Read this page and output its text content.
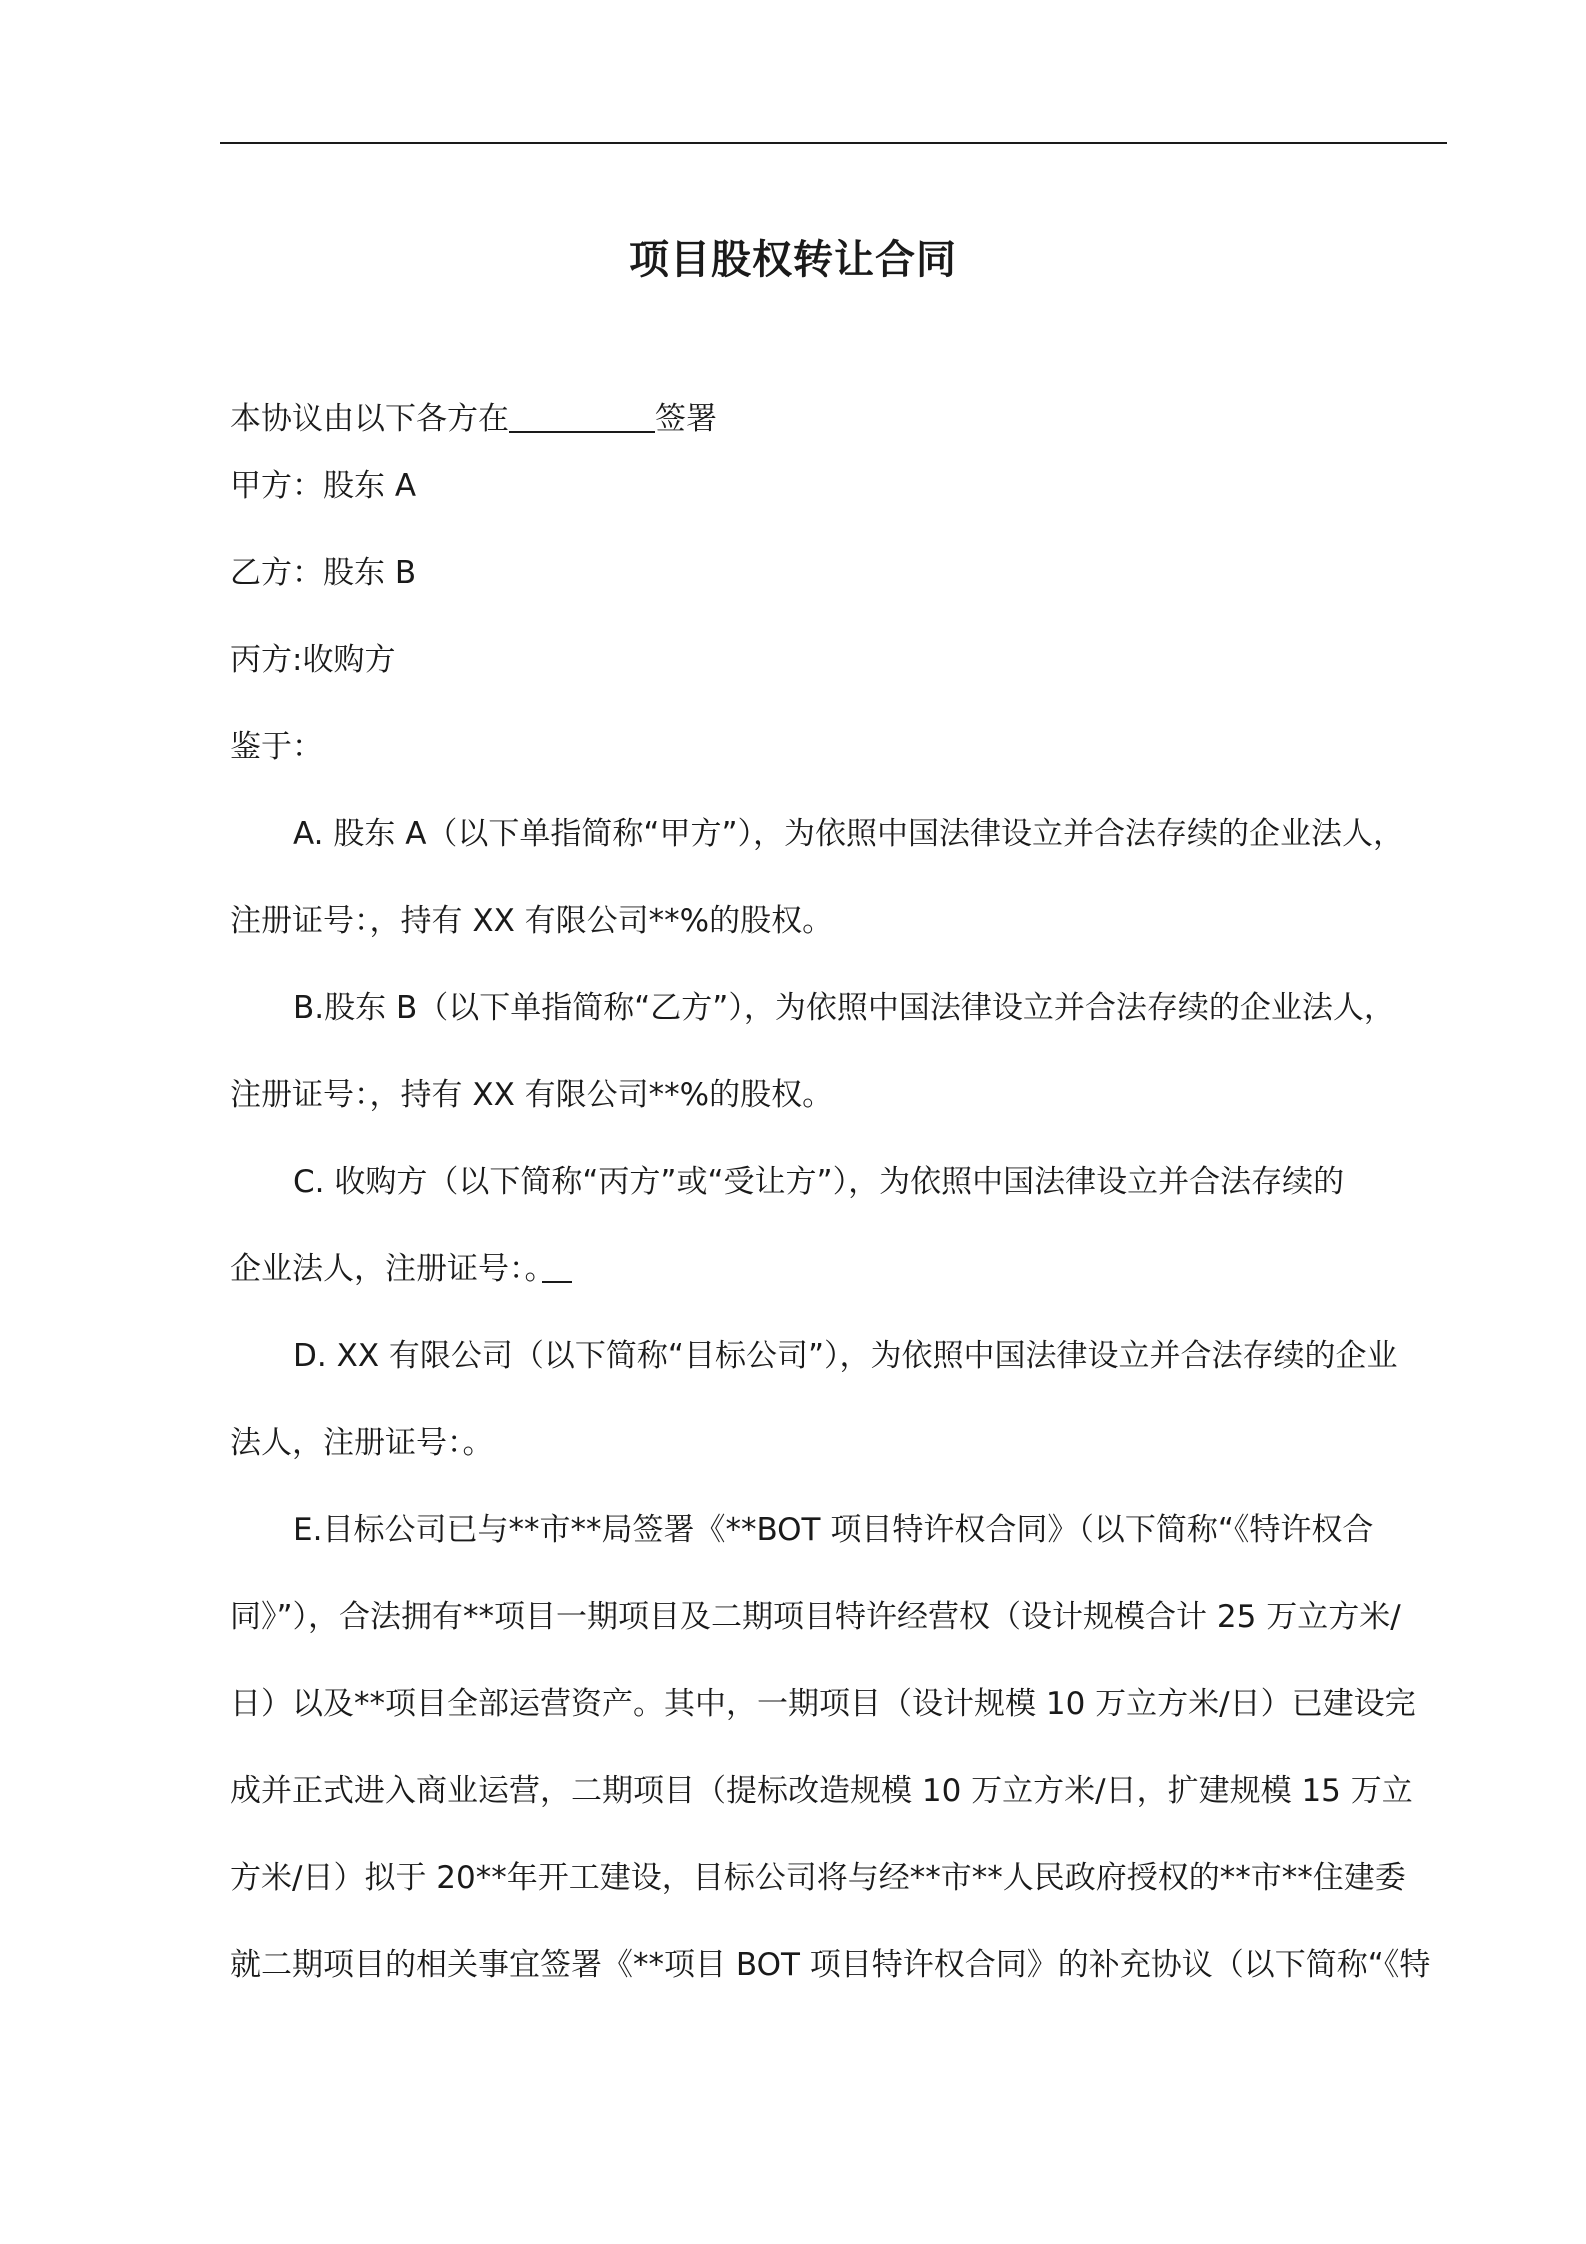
项目股权转让合同

本协议由以下各方在	签署

甲方：股东 A

乙方：股东 B

丙方:收购方

鉴于：

A. 股东 A（以下单指简称“甲方”），为依照中国法律设立并合法存续的企业法人，

注册证号：，持有 XX 有限公司**%的股权。

B.股东 B（以下单指简称“乙方”），为依照中国法律设立并合法存续的企业法人，

注册证号：，持有 XX 有限公司**%的股权。

C. 收购方（以下简称“丙方”或“受让方”），为依照中国法律设立并合法存续的

企业法人，注册证号：。

D. XX 有限公司（以下简称“目标公司”），为依照中国法律设立并合法存续的企业

法人，注册证号：。

E.目标公司已与**市**局签署《**BOT 项目特许权合同》（以下简称“《特许权合

同》”），合法拥有**项目一期项目及二期项目特许经营权（设计规模合计 25 万立方米/

日）以及**项目全部运营资产。其中，一期项目（设计规模 10 万立方米/日）已建设完

成并正式进入商业运营，二期项目（提标改造规模 10 万立方米/日，扩建规模 15 万立

方米/日）拟于 20**年开工建设，目标公司将与经**市**人民政府授权的**市**住建委

就二期项目的相关事宜签署《**项目 BOT 项目特许权合同》的补充协议（以下简称“《特
